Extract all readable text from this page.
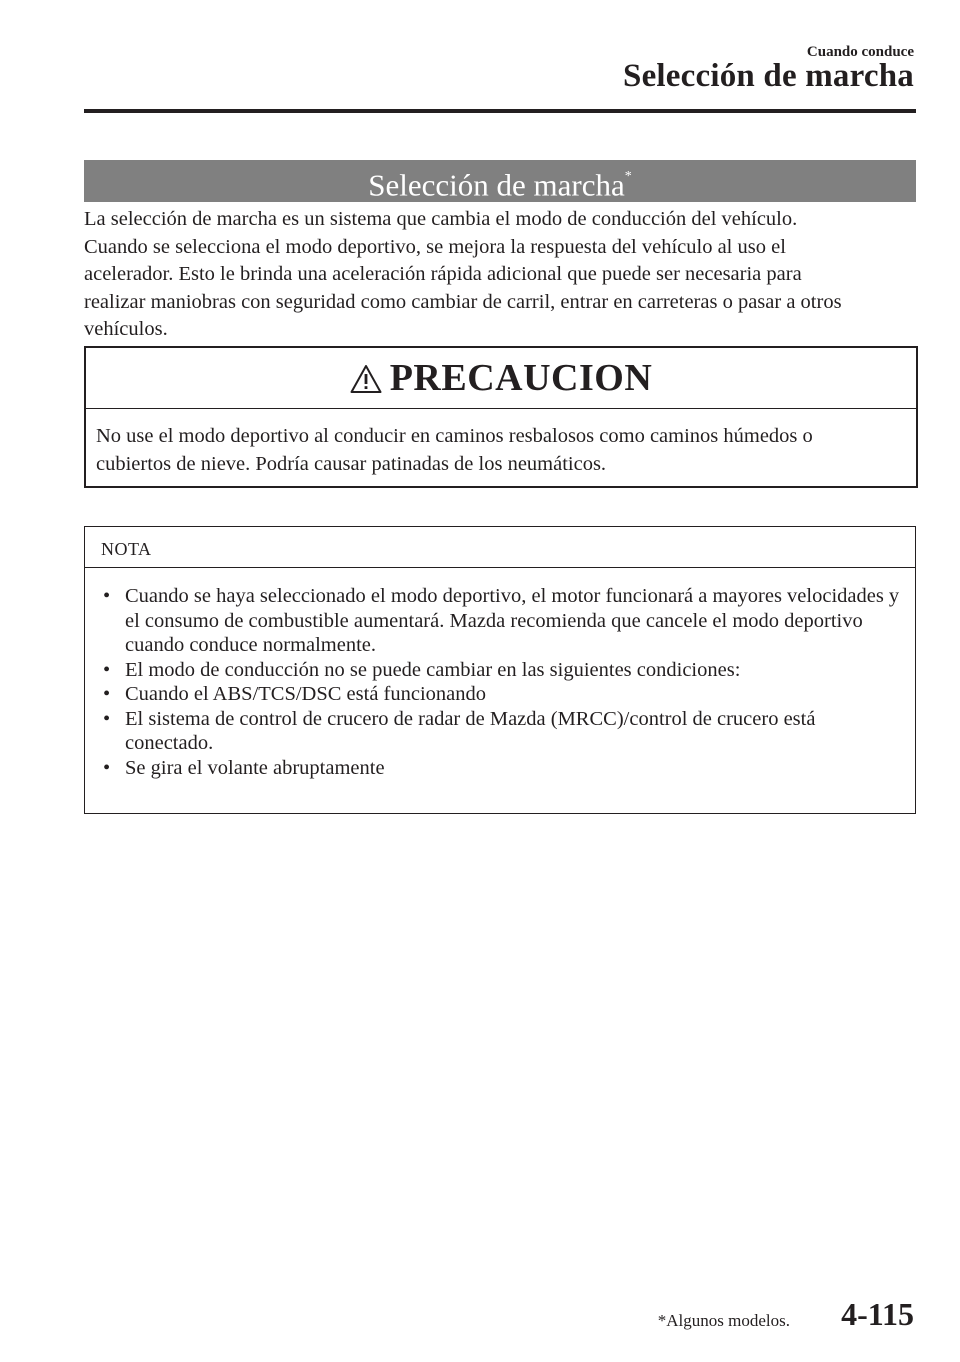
Cuando conduce
Selección de marcha
Selección de marcha*
La selección de marcha es un sistema que cambia el modo de conducción del vehículo.
Cuando se selecciona el modo deportivo, se mejora la respuesta del vehículo al uso el
acelerador. Esto le brinda una aceleración rápida adicional que puede ser necesaria para
realizar maniobras con seguridad como cambiar de carril, entrar en carreteras o pasar a otros
vehículos.
PRECAUCION
No use el modo deportivo al conducir en caminos resbalosos como caminos húmedos o
cubiertos de nieve. Podría causar patinadas de los neumáticos.
NOTA
• Cuando se haya seleccionado el modo deportivo, el motor funcionará a mayores velocidades y el consumo de combustible aumentará. Mazda recomienda que cancele el modo deportivo cuando conduce normalmente.
• El modo de conducción no se puede cambiar en las siguientes condiciones:
• Cuando el ABS/TCS/DSC está funcionando
• El sistema de control de crucero de radar de Mazda (MRCC)/control de crucero está conectado.
• Se gira el volante abruptamente
*Algunos modelos. 4-115
